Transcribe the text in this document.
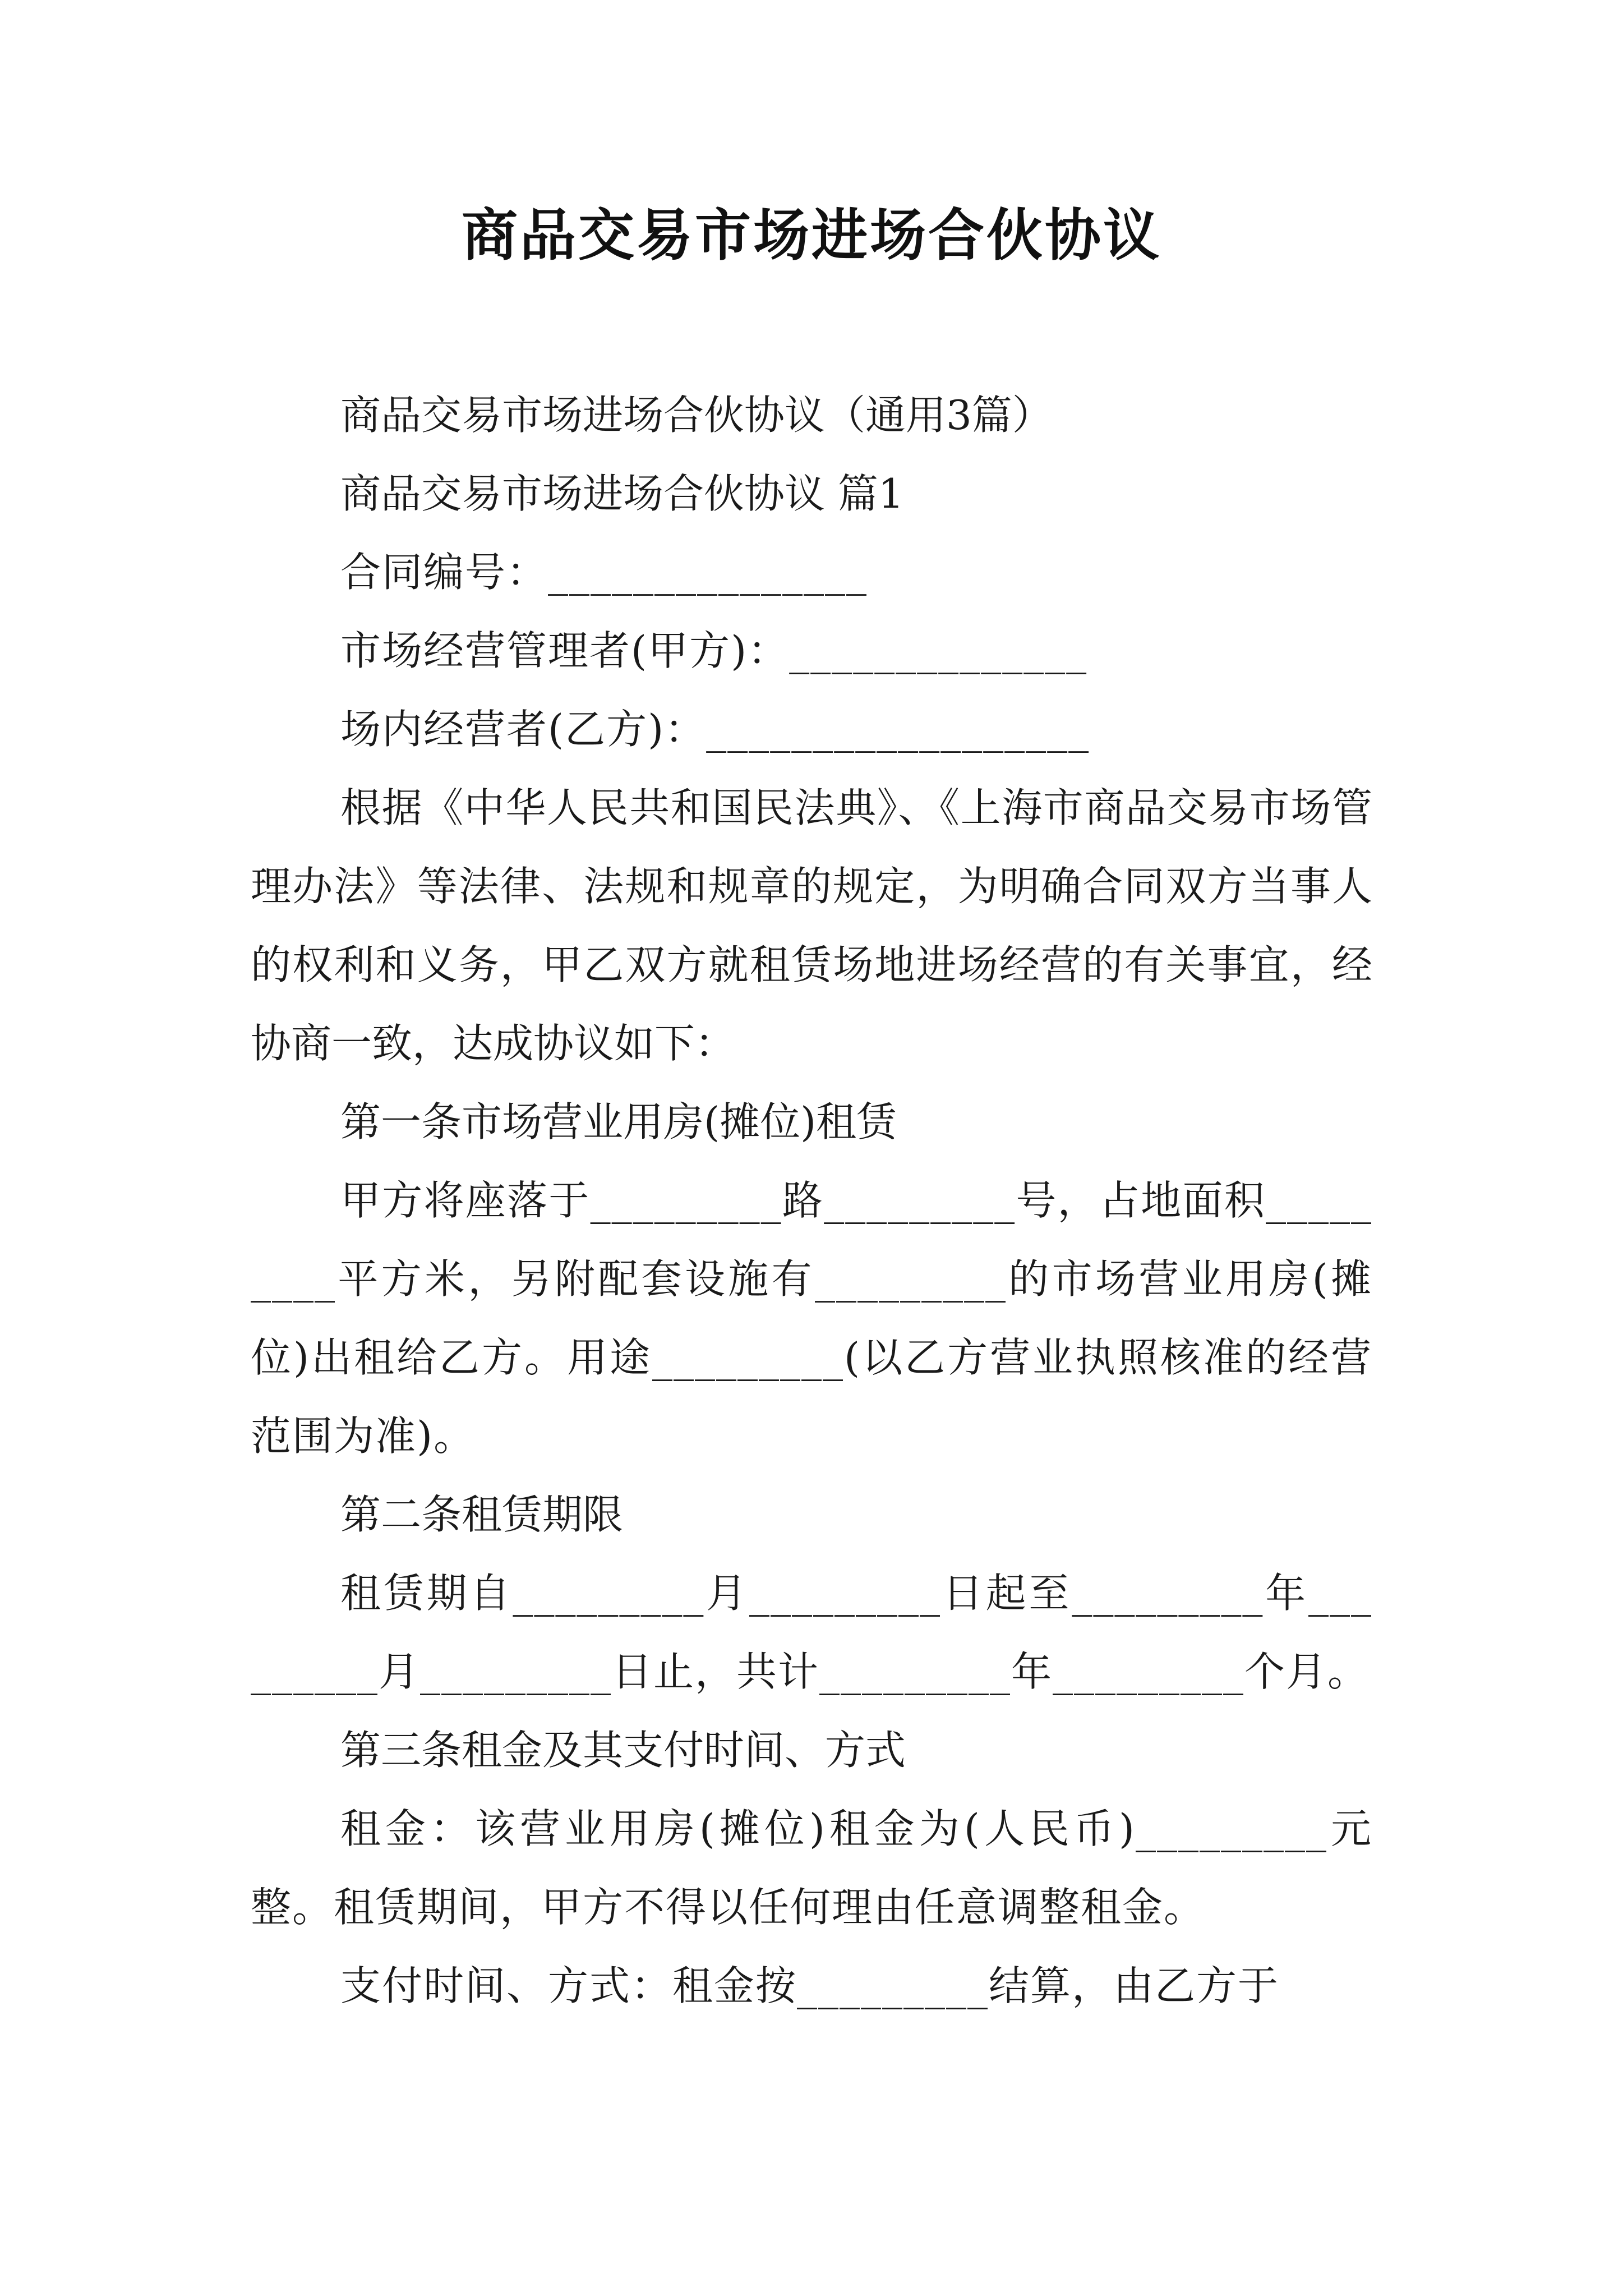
商品交易市场进场合伙协议

商品交易市场进场合伙协议（通用3篇）

商品交易市场进场合伙协议 篇1

合同编号：_______________

市场经营管理者(甲方)：______________

场内经营者(乙方)：__________________

根据《中华人民共和国民法典》、《上海市商品交易市场管理办法》等法律、法规和规章的规定，为明确合同双方当事人的权利和义务，甲乙双方就租赁场地进场经营的有关事宜，经协商一致，达成协议如下：

第一条市场营业用房(摊位)租赁

甲方将座落于_________路_________号，占地面积_________平方米，另附配套设施有_________的市场营业用房(摊位)出租给乙方。用途_________(以乙方营业执照核准的经营范围为准)。

第二条租赁期限

租赁期自_________月_________日起至_________年_________月_________日止，共计_________年_________个月。

第三条租金及其支付时间、方式

租金：该营业用房(摊位)租金为(人民币)_________元整。租赁期间，甲方不得以任何理由任意调整租金。

支付时间、方式：租金按_________结算，由乙方于
